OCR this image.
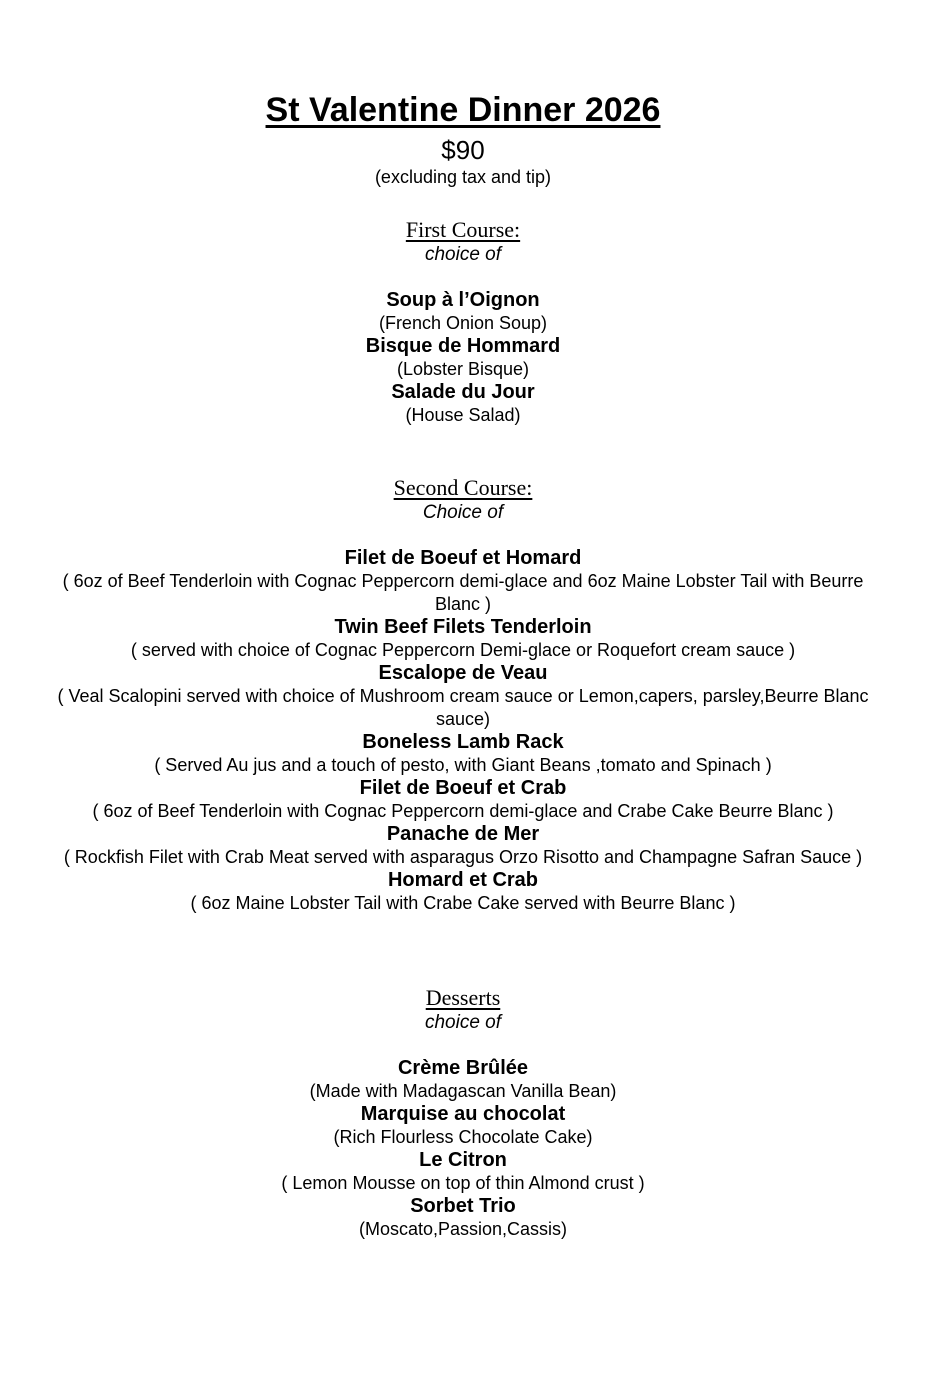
St Valentine Dinner 2026
$90
(excluding tax and tip)
First Course:
choice of
Soup à l’Oignon
(French Onion Soup)
Bisque de Hommard
(Lobster Bisque)
Salade du Jour
(House Salad)
Second Course:
Choice of
Filet de Boeuf et Homard
( 6oz of Beef Tenderloin with Cognac Peppercorn demi-glace and 6oz Maine Lobster Tail with Beurre Blanc )
Twin Beef Filets Tenderloin
( served with choice of Cognac Peppercorn Demi-glace or Roquefort cream sauce )
Escalope de Veau
( Veal Scalopini served with choice of Mushroom cream sauce or Lemon,capers, parsley,Beurre Blanc sauce)
Boneless Lamb Rack
( Served Au jus and a touch of pesto, with Giant Beans ,tomato and Spinach )
Filet de Boeuf et Crab
( 6oz of Beef Tenderloin with Cognac Peppercorn demi-glace and Crabe Cake Beurre Blanc )
Panache de Mer
( Rockfish Filet with Crab Meat served with asparagus Orzo Risotto and Champagne Safran Sauce )
Homard et Crab
( 6oz Maine Lobster Tail with Crabe Cake served with Beurre Blanc )
Desserts
choice of
Crème Brûlée
(Made with Madagascan Vanilla Bean)
Marquise au chocolat
(Rich Flourless Chocolate Cake)
Le Citron
( Lemon Mousse on top of thin Almond crust )
Sorbet Trio
(Moscato,Passion,Cassis)
